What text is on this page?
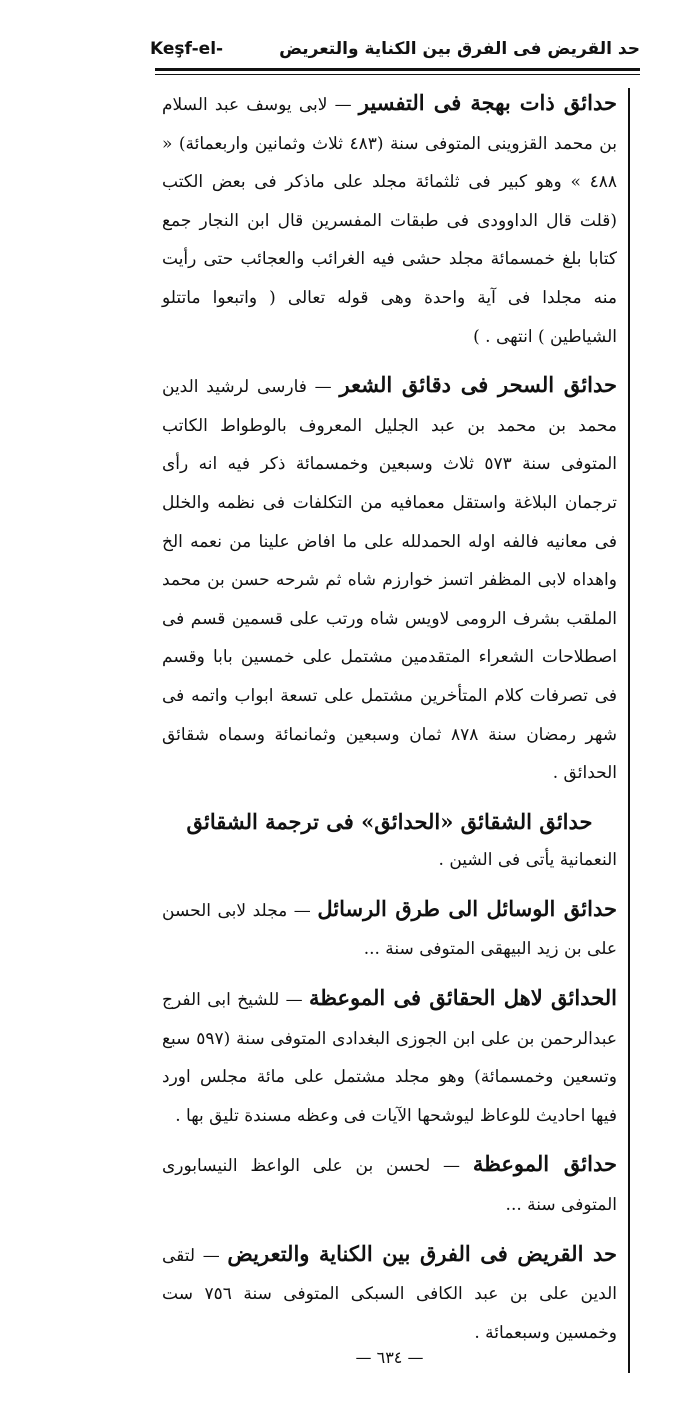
Keşf-el-	حد القريض فى الفرق بين الكناية والتعريض
حدائق ذات بهجة فى التفسير — لابى يوسف عبد السلام بن محمد القزوينى المتوفى سنة (٤٨٣ ثلاث وثمانين واربعمائة) « ٤٨٨ » وهو كبير فى ثلثمائة مجلد على ماذكر فى بعض الكتب (قلت قال الداوودى فى طبقات المفسرين قال ابن النجار جمع كتابا بلغ خمسمائة مجلد حشى فيه الغرائب والعجائب حتى رأيت منه مجلدا فى آية واحدة وهى قوله تعالى ( واتبعوا ماتتلو الشياطين ) انتهى . )
حدائق السحر فى دقائق الشعر — فارسى لرشيد الدين محمد بن محمد بن عبد الجليل المعروف بالوطواط الكاتب المتوفى سنة ٥٧٣ ثلاث وسبعين وخمسمائة ذكر فيه انه رأى ترجمان البلاغة واستقل معمافيه من التكلفات فى نظمه والخلل فى معانيه فالفه اوله الحمدلله على ما افاض علينا من نعمه الخ واهداه لابى المظفر اتسز خوارزم شاه ثم شرحه حسن بن محمد الملقب بشرف الرومى لاويس شاه ورتب على قسمين قسم فى اصطلاحات الشعراء المتقدمين مشتمل على خمسين بابا وقسم فى تصرفات كلام المتأخرين مشتمل على تسعة ابواب واتمه فى شهر رمضان سنة ٨٧٨ ثمان وسبعين وثمانمائة وسماه شقائق الحدائق .
حدائق الشقائق «الحدائق» فى ترجمة الشقائق
النعمانية يأتى فى الشين .
حدائق الوسائل الى طرق الرسائل — مجلد لابى الحسن على بن زيد البيهقى المتوفى سنة ...
الحدائق لاهل الحقائق فى الموعظة — للشيخ ابى الفرج عبدالرحمن بن على ابن الجوزى البغدادى المتوفى سنة (٥٩٧ سبع وتسعين وخمسمائة) وهو مجلد مشتمل على مائة مجلس اورد فيها احاديث للوعاظ ليوشحها الآيات فى وعظه مسندة تليق بها .
حدائق الموعظة — لحسن بن على الواعظ النيسابورى المتوفى سنة ...
حد القريض فى الفرق بين الكناية والتعريض — لتقى الدين على بن عبد الكافى السبكى المتوفى سنة ٧٥٦ ست وخمسين وسبعمائة .
— ٦٣٤ —
